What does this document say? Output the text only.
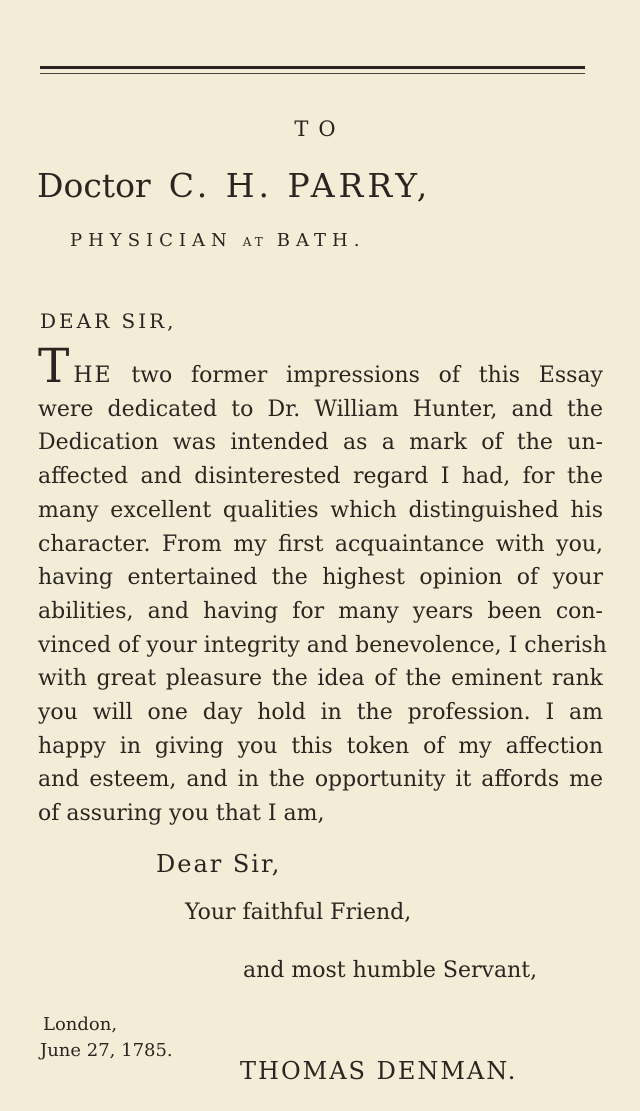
TO
Doctor C. H. PARRY,
PHYSICIAN AT BATH.
DEAR SIR,
THE two former impressions of this Essay
were dedicated to Dr. William Hunter, and the
Dedication was intended as a mark of the un-
affected and disinterested regard I had, for the
many excellent qualities which distinguished his
character. From my first acquaintance with you,
having entertained the highest opinion of your
abilities, and having for many years been con-
vinced of your integrity and benevolence, I cherish
with great pleasure the idea of the eminent rank
you will one day hold in the profession. I am
happy in giving you this token of my affection
and esteem, and in the opportunity it affords me
of assuring you that I am,
Dear Sir,
Your faithful Friend,
and most humble Servant,
London,
June 27, 1785.
THOMAS DENMAN.
